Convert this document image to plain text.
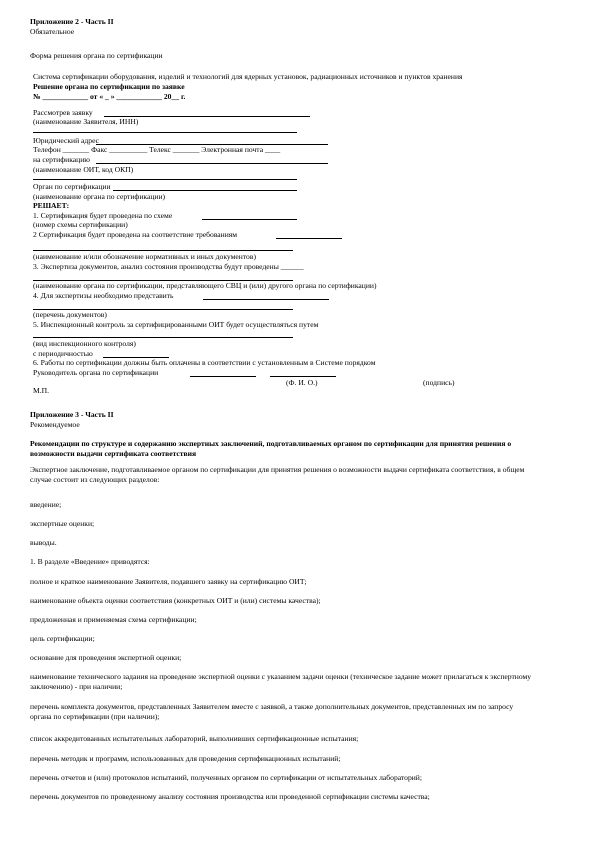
Приложение 2 - Часть II
Обязательное
Форма решения органа по сертификации
Система сертификации оборудования, изделий и технологий для ядерных установок, радиационных источников и пунктов хранения
Решение органа по сертификации по заявке
№ ____________ от « _ » ____________ 20__ г.
Рассмотрев заявку
(наименование Заявителя, ИНН)
Юридический адрес
Телефон _______ Факс __________ Телекс _______ Электронная почта ____
на сертификацию
(наименование ОИТ, код ОКП)
Орган по сертификации
(наименование органа по сертификации)
РЕШАЕТ:
1. Сертификация будет проведена по схеме
(номер схемы сертификации)
2 Сертификация будет проведена на соответствие требованиям
(наименование и/или обозначение нормативных и иных документов)
3. Экспертиза документов, анализ состояния производства будут проведены ______
(наименование органа по сертификации, представляющего СВЦ и (или) другого органа по сертификации)
4. Для экспертизы необходимо представить
(перечень документов)
5. Инспекционный контроль за сертифицированными ОИТ будет осуществляться путем
(вид инспекционного контроля)
с периодичностью
6. Работы по сертификации должны быть оплачены в соответствии с установленным в Системе порядком
Руководитель органа по сертификации
(Ф. И. О.)	(подпись)
М.П.
Приложение 3 - Часть II
Рекомендуемое
Рекомендации по структуре и содержанию экспертных заключений, подготавливаемых органом по сертификации для принятия решения о возможности выдачи сертификата соответствия
Экспертное заключение, подготавливаемое органом по сертификации для принятия решения о возможности выдачи сертификата соответствия, в общем случае состоит из следующих разделов:
введение;
экспертные оценки;
выводы.
1. В разделе «Введение» приводятся:
полное и краткое наименование Заявителя, подавшего заявку на сертификацию ОИТ;
наименование объекта оценки соответствия (конкретных ОИТ и (или) системы качества);
предложенная и применяемая схема сертификации;
цель сертификации;
основание для проведения экспертной оценки;
наименование технического задания на проведение экспертной оценки с указанием задачи оценки (техническое задание может прилагаться к экспертному заключению) - при наличии;
перечень комплекта документов, представленных Заявителем вместе с заявкой, а также дополнительных документов, представленных им по запросу органа по сертификации (при наличии);
список аккредитованных испытательных лабораторий, выполнивших сертификационные испытания;
перечень методик и программ, использованных для проведения сертификационных испытаний;
перечень отчетов и (или) протоколов испытаний, полученных органом по сертификации от испытательных лабораторий;
перечень документов по проведенному анализу состояния производства или проведенной сертификации системы качества;
